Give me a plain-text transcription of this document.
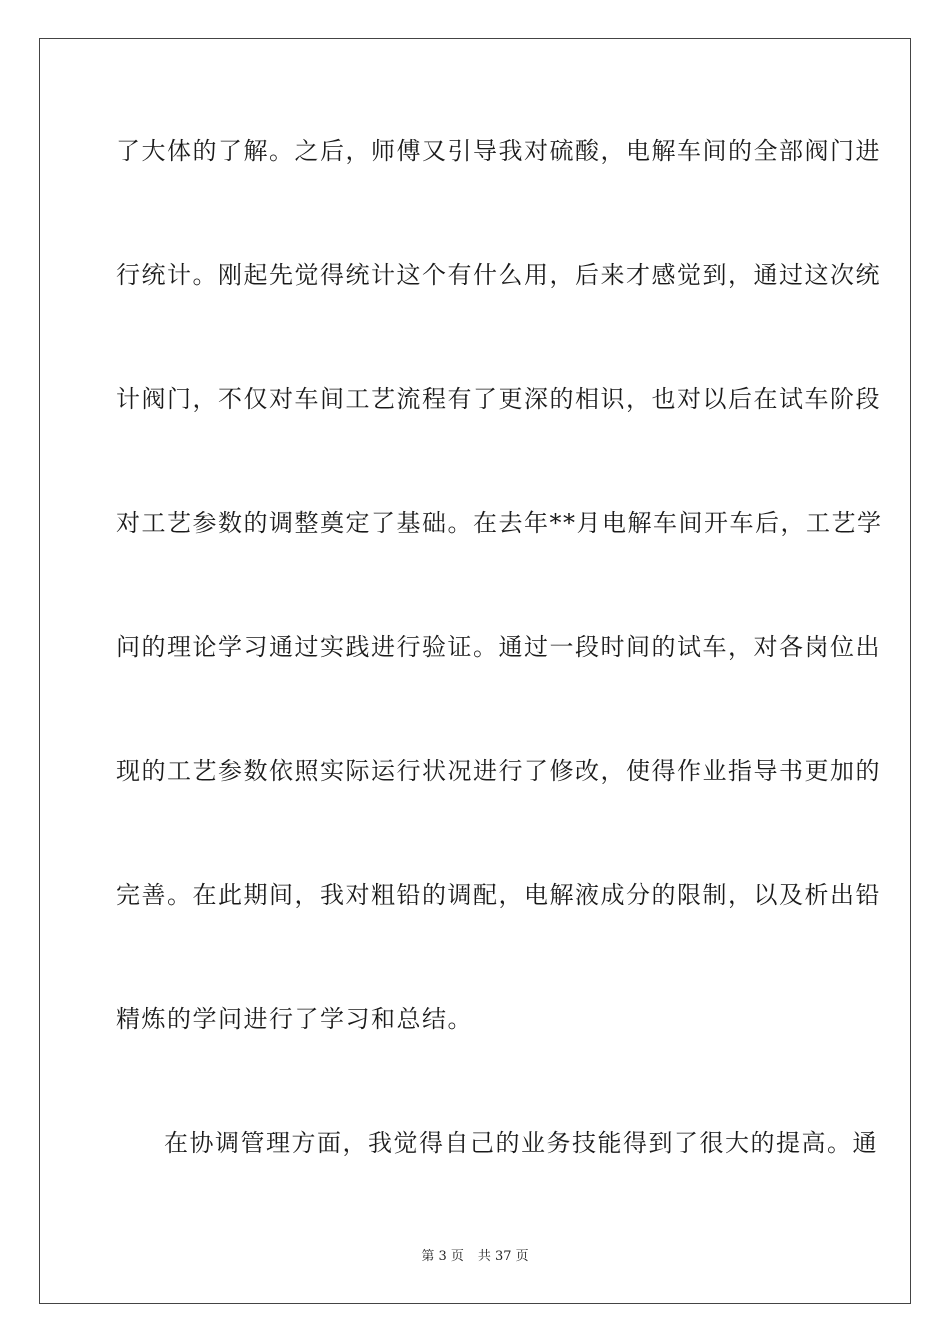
了大体的了解。之后，师傅又引导我对硫酸，电解车间的全部阀门进
行统计。刚起先觉得统计这个有什么用，后来才感觉到，通过这次统
计阀门，不仅对车间工艺流程有了更深的相识，也对以后在试车阶段
对工艺参数的调整奠定了基础。在去年**月电解车间开车后，工艺学
问的理论学习通过实践进行验证。通过一段时间的试车，对各岗位出
现的工艺参数依照实际运行状况进行了修改，使得作业指导书更加的
完善。在此期间，我对粗铅的调配，电解液成分的限制，以及析出铅
精炼的学问进行了学习和总结。
在协调管理方面，我觉得自己的业务技能得到了很大的提高。通
第 3 页 共 37 页
